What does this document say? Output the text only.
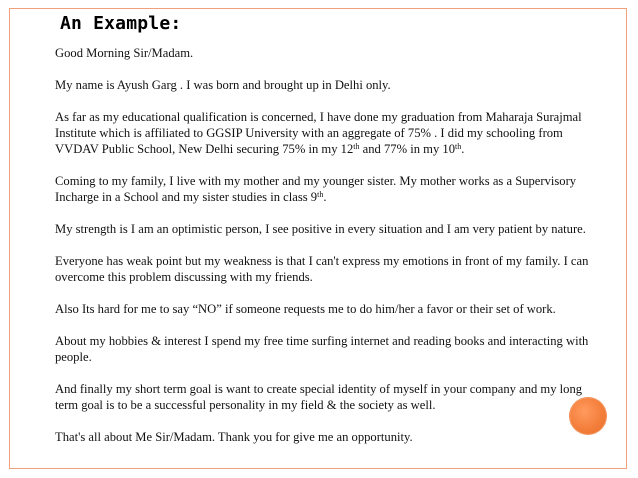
An Example:

Good Morning Sir/Madam.

My name is Ayush Garg . I was born and brought up in Delhi only.

As far as my educational qualification is concerned, I have done my graduation from Maharaja Surajmal Institute which is affiliated to GGSIP University with an aggregate of 75% . I did my schooling from VVDAV Public School, New Delhi securing 75% in my 12th and 77% in my 10th.

Coming to my family, I live with my mother and my younger sister. My mother works as a Supervisory Incharge in a School and my sister studies in class 9th.

My strength is I am an optimistic person, I see positive in every situation and I am very patient by nature.

Everyone has weak point but my weakness is that I can't express my emotions in front of my family. I can overcome this problem discussing with my friends.

Also Its hard for me to say “NO” if someone requests me to do him/her a favor or their set of work.

About my hobbies & interest I spend my free time surfing internet and reading books and interacting with people.

And finally my short term goal is want to create special identity of myself in your company and my long term goal is to be a successful personality in my field & the society as well.

That's all about Me Sir/Madam. Thank you for give me an opportunity.
